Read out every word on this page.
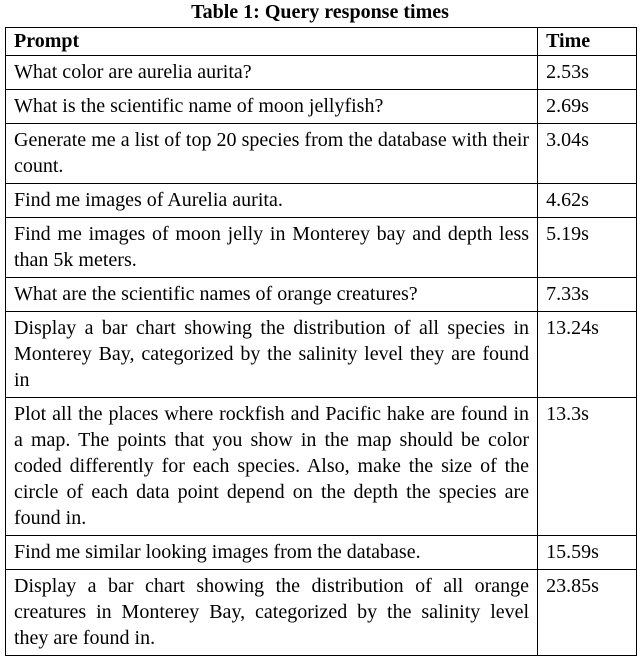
Table 1: Query response times
Prompt	Time
What color are aurelia aurita?	2.53s
What is the scientific name of moon jellyfish?	2.69s
Generate me a list of top 20 species from the database with their count.	3.04s
Find me images of Aurelia aurita.	4.62s
Find me images of moon jelly in Monterey bay and depth less than 5k meters.	5.19s
What are the scientific names of orange creatures?	7.33s
Display a bar chart showing the distribution of all species in Monterey Bay, categorized by the salinity level they are found in	13.24s
Plot all the places where rockfish and Pacific hake are found in a map. The points that you show in the map should be color coded differently for each species. Also, make the size of the circle of each data point depend on the depth the species are found in.	13.3s
Find me similar looking images from the database.	15.59s
Display a bar chart showing the distribution of all orange creatures in Monterey Bay, categorized by the salinity level they are found in.	23.85s
